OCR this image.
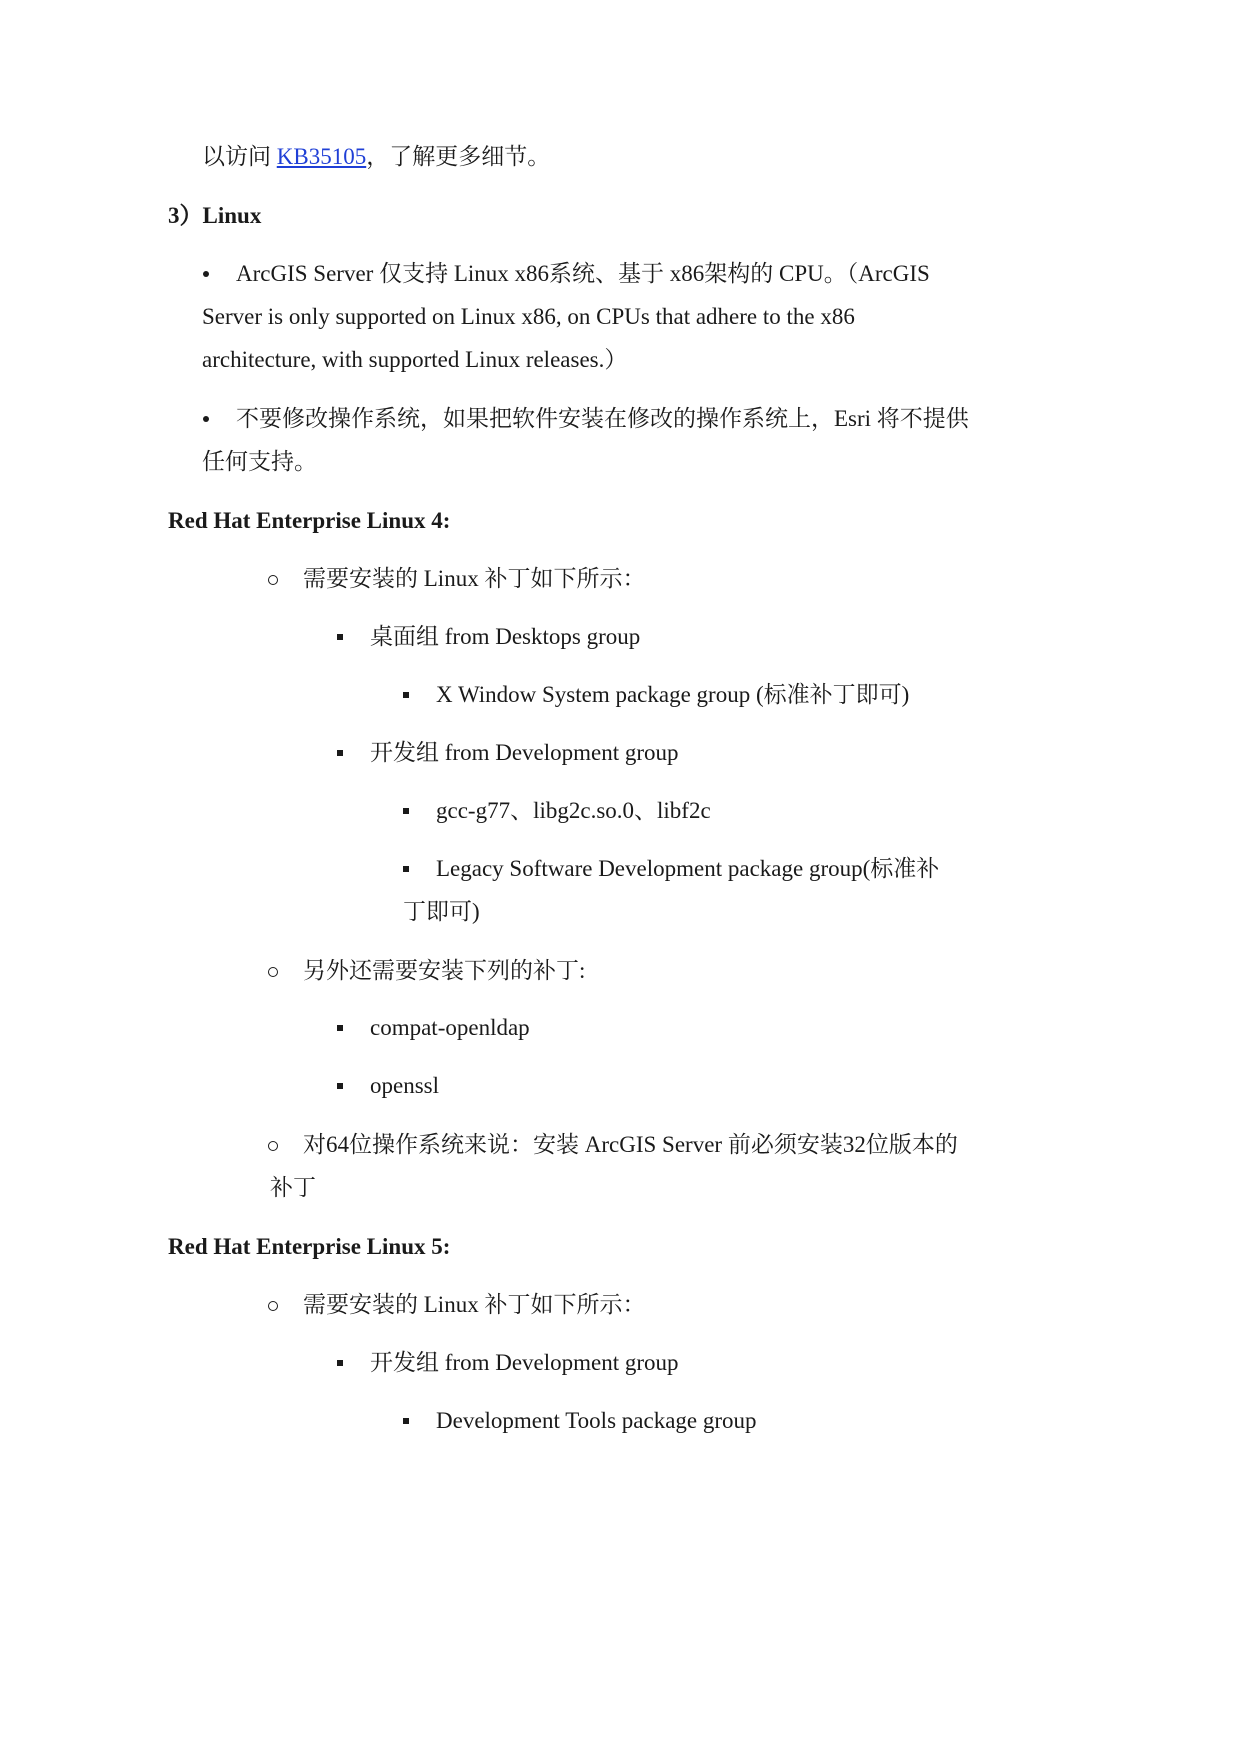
以访问 KB35105，了解更多细节。
3）Linux
ArcGIS Server 仅支持 Linux x86系统、基于 x86架构的 CPU。（ArcGIS
Server is only supported on Linux x86, on CPUs that adhere to the x86
architecture, with supported Linux releases.）
不要修改操作系统，如果把软件安装在修改的操作系统上，Esri 将不提供
任何支持。
Red Hat Enterprise Linux 4:
需要安装的 Linux 补丁如下所示：
桌面组 from Desktops group
X Window System package group (标准补丁即可)
开发组 from Development group
gcc-g77、libg2c.so.0、libf2c
Legacy Software Development package group(标准补
丁即可)
另外还需要安装下列的补丁:
compat-openldap
openssl
对64位操作系统来说：安装 ArcGIS Server 前必须安装32位版本的
补丁
Red Hat Enterprise Linux 5:
需要安装的 Linux 补丁如下所示：
开发组 from Development group
Development Tools package group
